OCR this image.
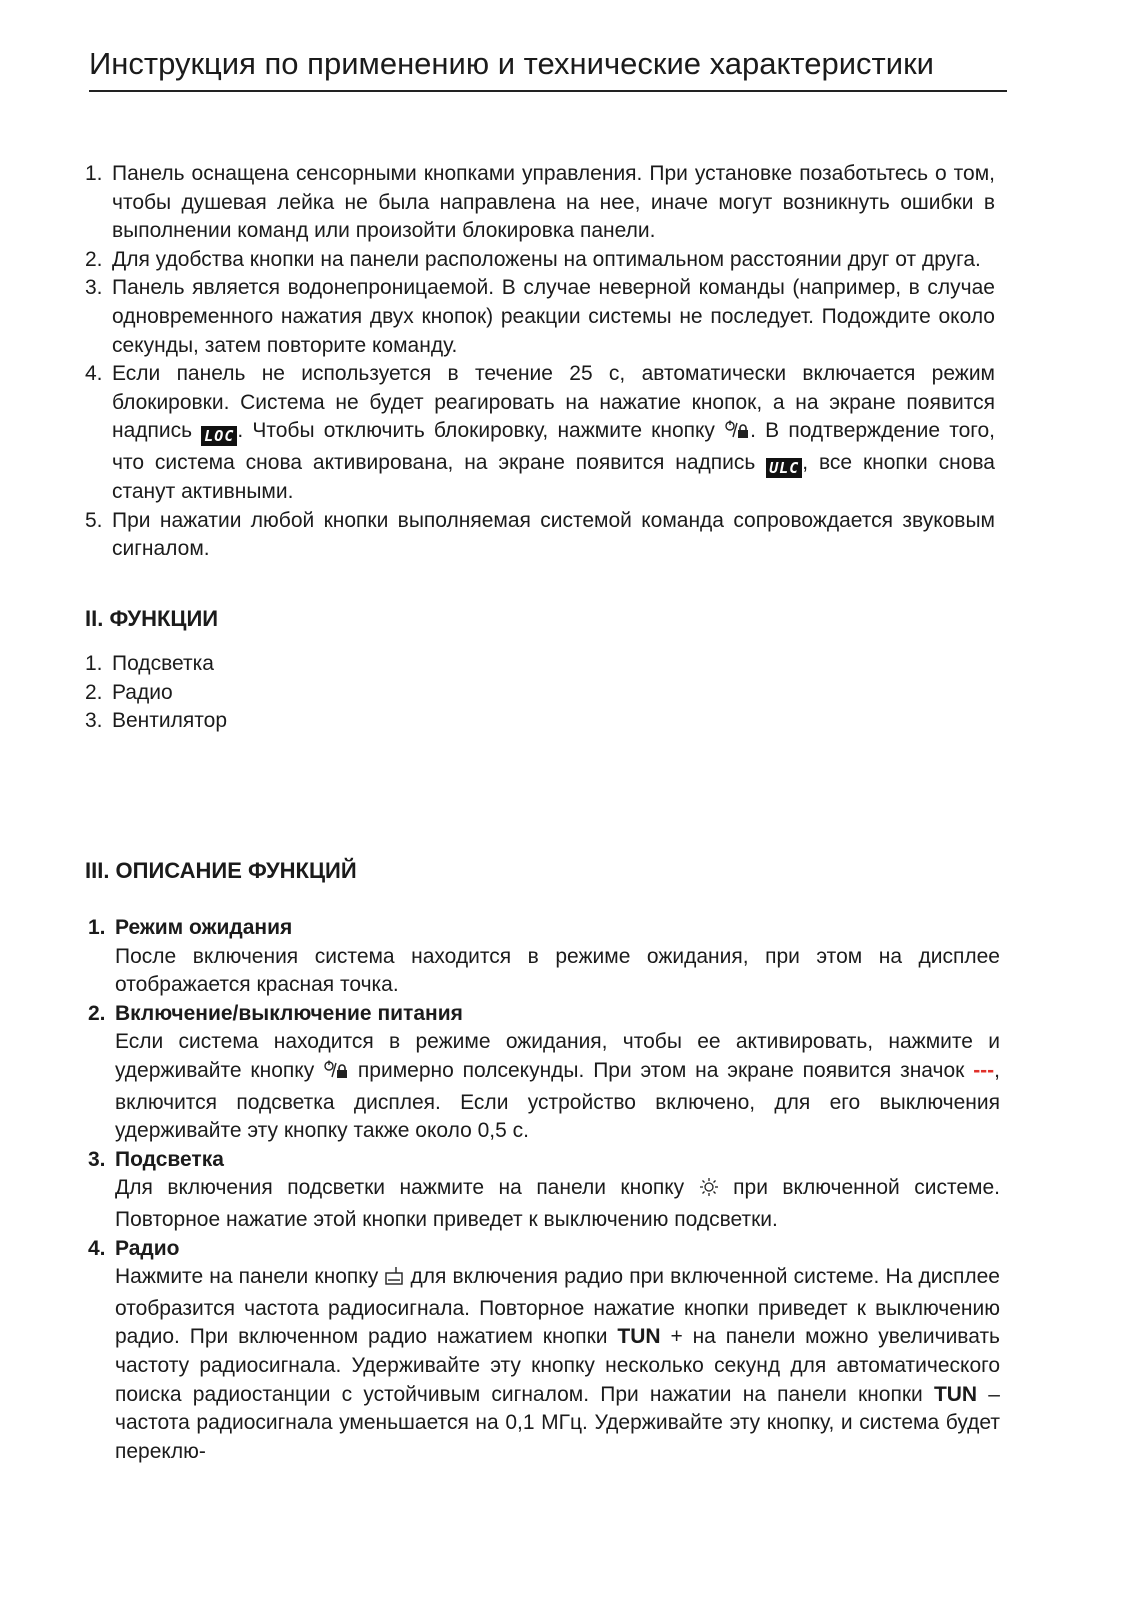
Инструкция по применению и технические характеристики
1. Панель оснащена сенсорными кнопками управления. При установке позаботьтесь о том, чтобы душевая лейка не была направлена на нее, иначе могут возникнуть ошибки в выполнении команд или произойти блокировка панели.
2. Для удобства кнопки на панели расположены на оптимальном расстоянии друг от друга.
3. Панель является водонепроницаемой. В случае неверной команды (например, в случае одновременного нажатия двух кнопок) реакции системы не последует. Подождите около секунды, затем повторите команду.
4. Если панель не используется в течение 25 с, автоматически включается режим блокировки. Система не будет реагировать на нажатие кнопок, а на экране появится надпись LOC . Чтобы отключить блокировку, нажмите кнопку . В подтверждение того, что система снова активирована, на экране появится надпись ULC , все кнопки снова станут активными.
5. При нажатии любой кнопки выполняемая системой команда сопровождается звуковым сигналом.
II. ФУНКЦИИ
1. Подсветка
2. Радио
3. Вентилятор
III. ОПИСАНИЕ ФУНКЦИЙ
1. Режим ожидания
После включения система находится в режиме ожидания, при этом на дисплее отображается красная точка.
2. Включение/выключение питания
Если система находится в режиме ожидания, чтобы ее активировать, нажмите и удерживайте кнопку примерно полсекунды. При этом на экране появится значок ---, включится подсветка дисплея. Если устройство включено, для его выключения удерживайте эту кнопку также около 0,5 с.
3. Подсветка
Для включения подсветки нажмите на панели кнопку при включенной системе. Повторное нажатие этой кнопки приведет к выключению подсветки.
4. Радио
Нажмите на панели кнопку для включения радио при включенной системе. На дисплее отобразится частота радиосигнала. Повторное нажатие кнопки приведет к выключению радио. При включенном радио нажатием кнопки TUN + на панели можно увеличивать частоту радиосигнала. Удерживайте эту кнопку несколько секунд для автоматического поиска радиостанции с устойчивым сигналом. При нажатии на панели кнопки TUN – частота радиосигнала уменьшается на 0,1 МГц. Удерживайте эту кнопку, и система будет переклю-
